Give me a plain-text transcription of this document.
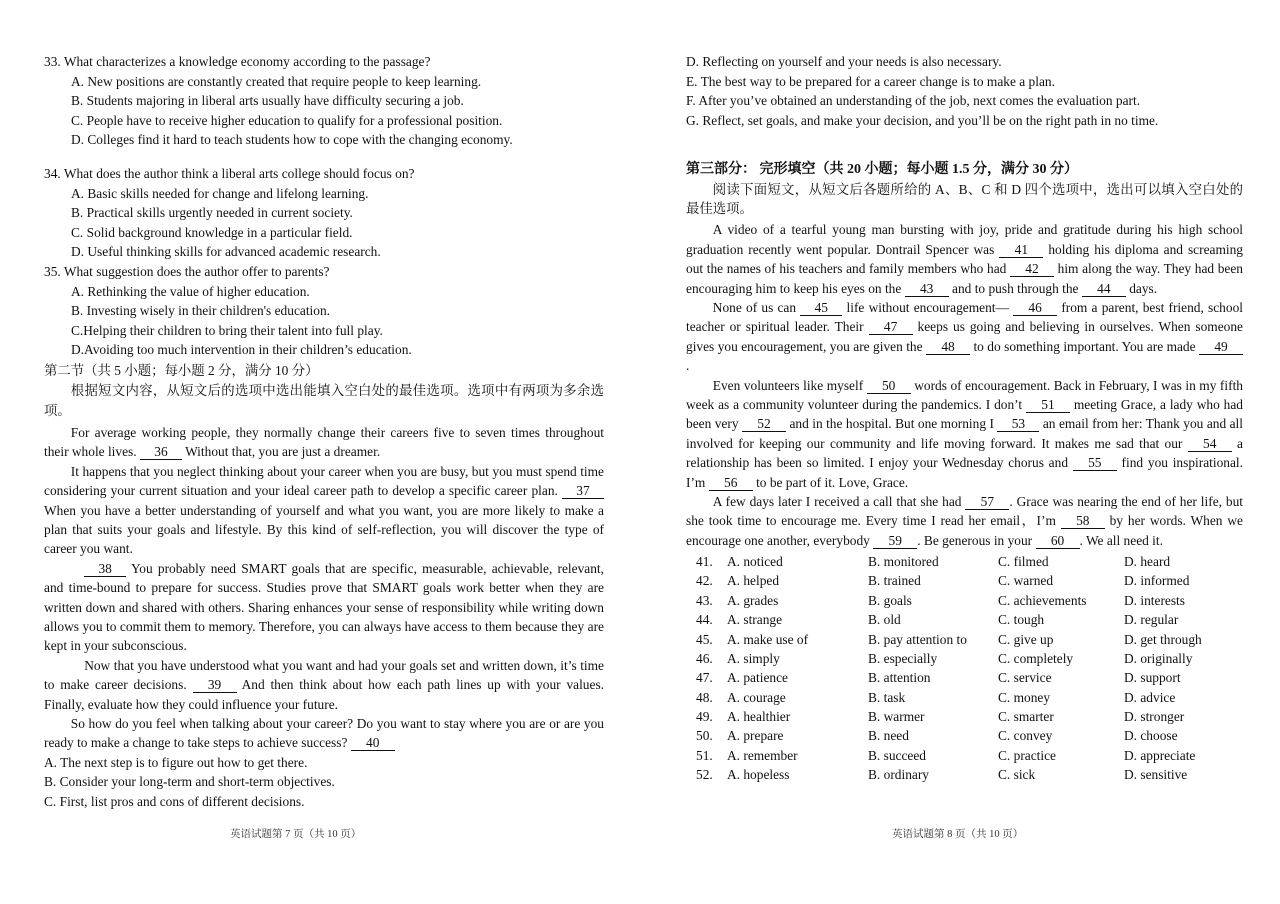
33. What characterizes a knowledge economy according to the passage?

A. New positions are constantly created that require people to keep learning.

B. Students majoring in liberal arts usually have difficulty securing a job.

C. People have to receive higher education to qualify for a professional position.

D. Colleges find it hard to teach students how to cope with the changing economy.

34. What does the author think a liberal arts college should focus on?

A. Basic skills needed for change and lifelong learning.

B. Practical skills urgently needed in current society.

C. Solid background knowledge in a particular field.

D. Useful thinking skills for advanced academic research.

35. What suggestion does the author offer to parents?

A. Rethinking the value of higher education.

B. Investing wisely in their children's education.

C.Helping their children to bring their talent into full play.

D.Avoiding too much intervention in their children’s education.

第二节（共 5 小题；每小题 2 分，满分 10 分）

根据短文内容，从短文后的选项中选出能填入空白处的最佳选项。选项中有两项为多余选项。

For average working people, they normally change their careers five to seven times throughout their whole lives. 36 Without that, you are just a dreamer.

It happens that you neglect thinking about your career when you are busy, but you must spend time considering your current situation and your ideal career path to develop a specific career plan. 37 When you have a better understanding of yourself and what you want, you are more likely to make a plan that suits your goals and lifestyle. By this kind of self-reflection, you will discover the type of career you want.

38 You probably need SMART goals that are specific, measurable, achievable, relevant, and time-bound to prepare for success. Studies prove that SMART goals work better when they are written down and shared with others. Sharing enhances your sense of responsibility while writing down allows you to commit them to memory. Therefore, you can always have access to them because they are kept in your subconscious.

Now that you have understood what you want and had your goals set and written down, it’s time to make career decisions. 39 And then think about how each path lines up with your values. Finally, evaluate how they could influence your future.

So how do you feel when talking about your career? Do you want to stay where you are or are you ready to make a change to take steps to achieve success? 40

A. The next step is to figure out how to get there.

B. Consider your long-term and short-term objectives.

C. First, list pros and cons of different decisions.

英语试题第 7 页（共 10 页）

D. Reflecting on yourself and your needs is also necessary.

E. The best way to be prepared for a career change is to make a plan.

F. After you’ve obtained an understanding of the job, next comes the evaluation part.

G. Reflect, set goals, and make your decision, and you’ll be on the right path in no time.

第三部分： 完形填空（共 20 小题；每小题 1.5 分，满分 30 分）

阅读下面短文，从短文后各题所给的 A、B、C 和 D 四个选项中，选出可以填入空白处的最佳选项。

A video of a tearful young man bursting with joy, pride and gratitude during his high school graduation recently went popular. Dontrail Spencer was 41 holding his diploma and screaming out the names of his teachers and family members who had 42 him along the way. They had been encouraging him to keep his eyes on the 43 and to push through the 44 days.

None of us can 45 life without encouragement— 46 from a parent, best friend, school teacher or spiritual leader. Their 47 keeps us going and believing in ourselves. When someone gives you encouragement, you are given the 48 to do something important. You are made 49.

Even volunteers like myself 50 words of encouragement. Back in February, I was in my fifth week as a community volunteer during the pandemics. I don’t 51 meeting Grace, a lady who had been very 52 and in the hospital. But one morning I 53 an email from her: Thank you and all involved for keeping our community and life moving forward. It makes me sad that our 54 a relationship has been so limited. I enjoy your Wednesday chorus and 55 find you inspirational. I’m 56 to be part of it. Love, Grace.

A few days later I received a call that she had 57 . Grace was nearing the end of her life, but she took time to encourage me. Every time I read her email，I’m 58 by her words. When we encourage one another, everybody 59 . Be generous in your 60 . We all need it.

41.	A. noticed	B. monitored	C. filmed	D. heard
42.	A. helped	B. trained	C. warned	D. informed
43.	A. grades	B. goals	C. achievements	D. interests
44.	A. strange	B. old	C. tough	D. regular
45.	A. make use of	B. pay attention to	C. give up	D. get through
46.	A. simply	B. especially	C. completely	D. originally
47.	A. patience	B. attention	C. service	D. support
48.	A. courage	B. task	C. money	D. advice
49.	A. healthier	B. warmer	C. smarter	D. stronger
50.	A. prepare	B. need	C. convey	D. choose
51.	A. remember	B. succeed	C. practice	D. appreciate
52.	A. hopeless	B. ordinary	C. sick	D. sensitive
英语试题第 8 页（共 10 页）
